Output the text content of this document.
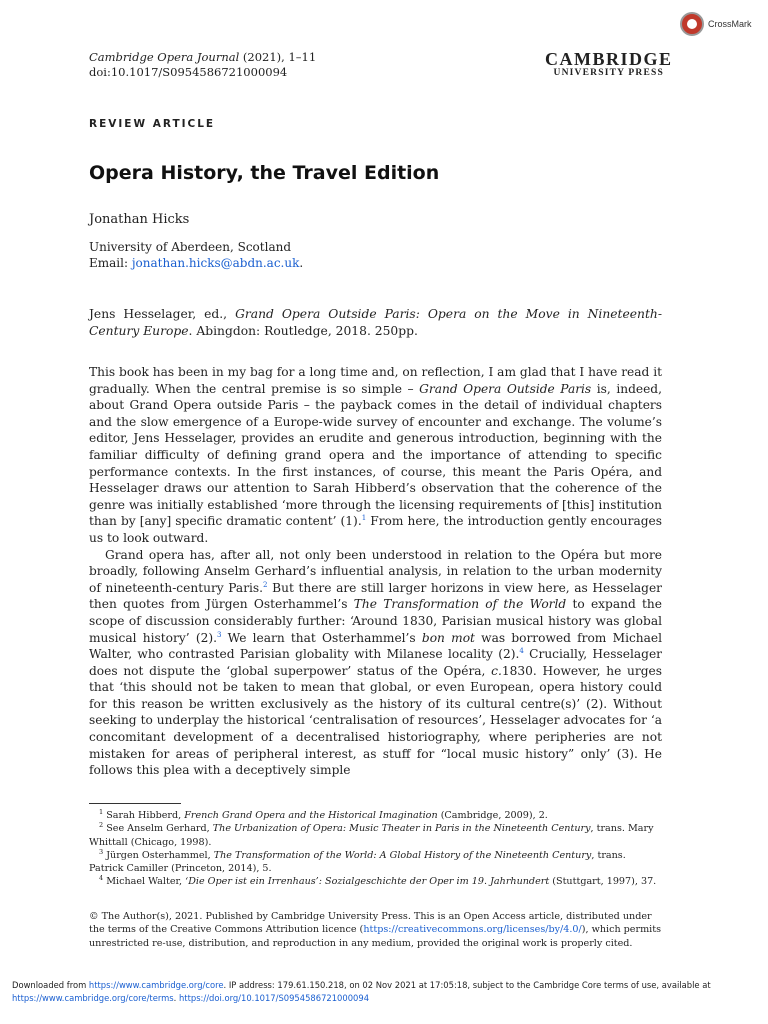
Cambridge Opera Journal (2021), 1–11
doi:10.1017/S0954586721000094
CrossMark
CAMBRIDGE
UNIVERSITY PRESS
REVIEW ARTICLE
Opera History, the Travel Edition
Jonathan Hicks
University of Aberdeen, Scotland
Email: jonathan.hicks@abdn.ac.uk.
Jens Hesselager, ed., Grand Opera Outside Paris: Opera on the Move in Nineteenth-Century Europe. Abingdon: Routledge, 2018. 250pp.

This book has been in my bag for a long time and, on reflection, I am glad that I have read it gradually. When the central premise is so simple – Grand Opera Outside Paris is, indeed, about Grand Opera outside Paris – the payback comes in the detail of individual chapters and the slow emergence of a Europe-wide survey of encounter and exchange. The volume’s editor, Jens Hesselager, provides an erudite and generous introduction, beginning with the familiar difficulty of defining grand opera and the importance of attending to specific performance contexts. In the first instances, of course, this meant the Paris Opéra, and Hesselager draws our attention to Sarah Hibberd’s observation that the coherence of the genre was initially established ‘more through the licensing requirements of [this] institution than by [any] specific dramatic content’ (1).$^1$ From here, the introduction gently encourages us to look outward.

Grand opera has, after all, not only been understood in relation to the Opéra but more broadly, following Anselm Gerhard’s influential analysis, in relation to the urban modernity of nineteenth-century Paris.$^2$ But there are still larger horizons in view here, as Hesselager then quotes from Jürgen Osterhammel’s The Transformation of the World to expand the scope of discussion considerably further: ‘Around 1830, Parisian musical history was global musical history’ (2).$^3$ We learn that Osterhammel’s bon mot was borrowed from Michael Walter, who contrasted Parisian globality with Milanese locality (2).$^4$ Crucially, Hesselager does not dispute the ‘global superpower’ status of the Opéra, c.1830. However, he urges that ‘this should not be taken to mean that global, or even European, opera history could for this reason be written exclusively as the history of its cultural centre(s)’ (2). Without seeking to underplay the historical ‘centralisation of resources’, Hesselager advocates for ‘a concomitant development of a decentralised historiography, where peripheries are not mistaken for areas of peripheral interest, as stuff for “local music history” only’ (3). He follows this plea with a deceptively simple

$^1$ Sarah Hibberd, French Grand Opera and the Historical Imagination (Cambridge, 2009), 2.
$^2$ See Anselm Gerhard, The Urbanization of Opera: Music Theater in Paris in the Nineteenth Century, trans. Mary Whittall (Chicago, 1998).
$^3$ Jürgen Osterhammel, The Transformation of the World: A Global History of the Nineteenth Century, trans. Patrick Camiller (Princeton, 2014), 5.
$^4$ Michael Walter, ‘Die Oper ist ein Irrenhaus’: Sozialgeschichte der Oper im 19. Jahrhundert (Stuttgart, 1997), 37.
© The Author(s), 2021. Published by Cambridge University Press. This is an Open Access article, distributed under the terms of the Creative Commons Attribution licence (https://creativecommons.org/licenses/by/4.0/), which permits unrestricted re-use, distribution, and reproduction in any medium, provided the original work is properly cited.
Downloaded from https://www.cambridge.org/core. IP address: 179.61.150.218, on 02 Nov 2021 at 17:05:18, subject to the Cambridge Core terms of use, available at
https://www.cambridge.org/core/terms. https://doi.org/10.1017/S0954586721000094
